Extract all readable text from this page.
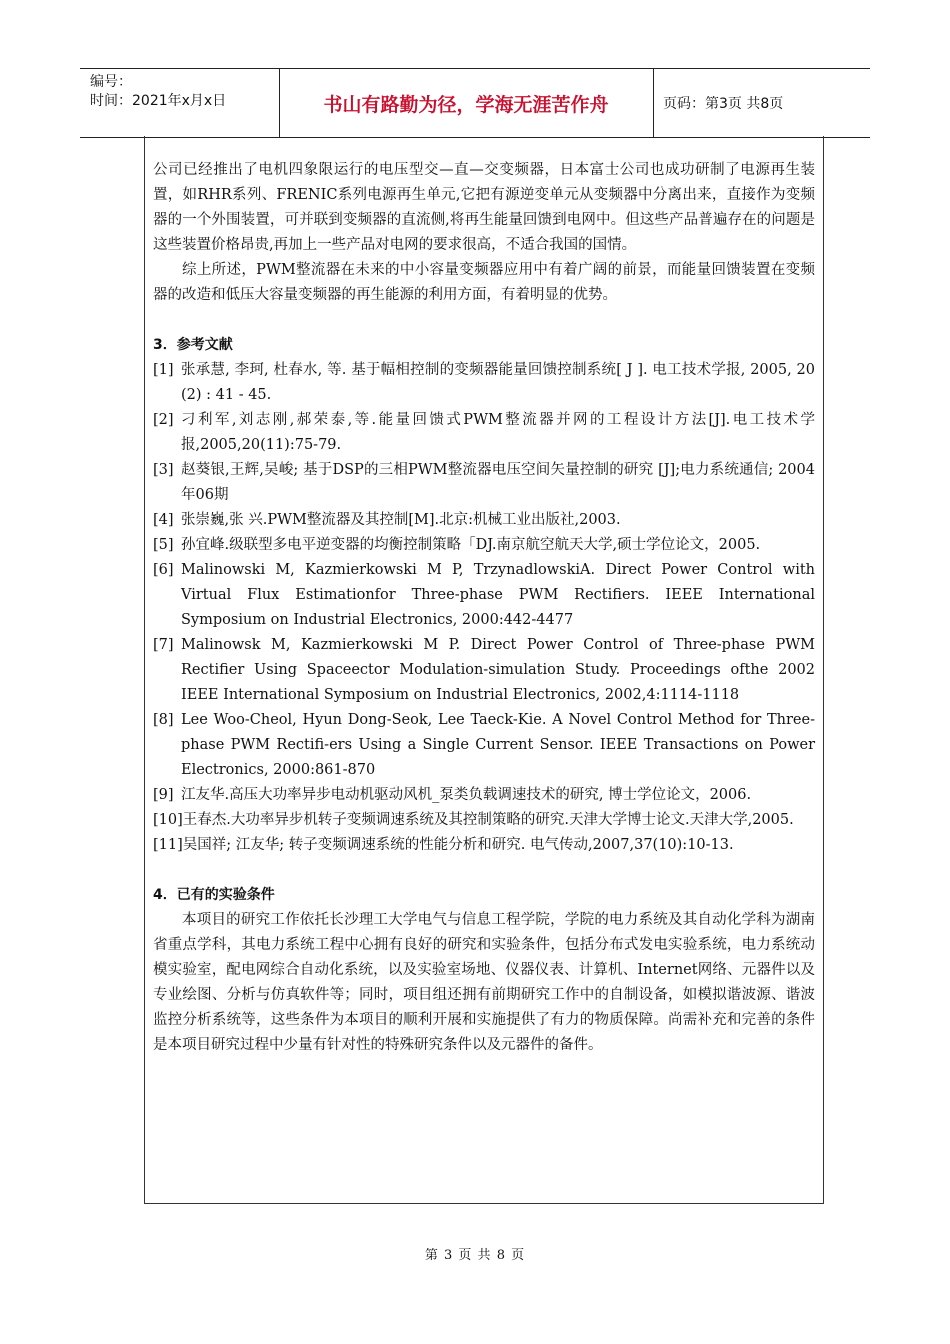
编号：
时间：2021年x月x日	书山有路勤为径，学海无涯苦作舟	页码：第3页 共8页

公司已经推出了电机四象限运行的电压型交—直—交变频器，日本富士公司也成功研制了电源再生装置，如RHR系列、FRENIC系列电源再生单元,它把有源逆变单元从变频器中分离出来，直接作为变频器的一个外围装置，可并联到变频器的直流侧,将再生能量回馈到电网中。但这些产品普遍存在的问题是这些装置价格昂贵,再加上一些产品对电网的要求很高，不适合我国的国情。

综上所述，PWM整流器在未来的中小容量变频器应用中有着广阔的前景，而能量回馈装置在变频器的改造和低压大容量变频器的再生能源的利用方面，有着明显的优势。

3．参考文献

[1] 张承慧, 李珂, 杜春水, 等. 基于幅相控制的变频器能量回馈控制系统[ J ]. 电工技术学报, 2005, 20 (2) : 41 - 45.
[2] 刁利军,刘志刚,郝荣泰,等.能量回馈式PWM整流器并网的工程设计方法[J].电工技术学报,2005,20(11):75-79.
[3] 赵葵银,王辉,吴峻; 基于DSP的三相PWM整流器电压空间矢量控制的研究 [J];电力系统通信; 2004年06期
[4] 张崇巍,张 兴.PWM整流器及其控制[M].北京:机械工业出版社,2003.
[5] 孙宜峰.级联型多电平逆变器的均衡控制策略「DJ.南京航空航天大学,硕士学位论文，2005.
[6] Malinowski M, Kazmierkowski M P, TrzynadlowskiA. Direct Power Control with Virtual Flux Estimationfor Three-phase PWM Rectifiers. IEEE International Symposium on Industrial Electronics, 2000:442-4477
[7] Malinowsk M, Kazmierkowski M P. Direct Power Control of Three-phase PWM Rectifier Using Spaceector Modulation-simulation Study. Proceedings ofthe 2002 IEEE International Symposium on Industrial Electronics, 2002,4:1114-1118
[8] Lee Woo-Cheol, Hyun Dong-Seok, Lee Taeck-Kie. A Novel Control Method for Three-phase PWM Rectifi-ers Using a Single Current Sensor. IEEE Transactions on Power Electronics, 2000:861-870
[9] 江友华.高压大功率异步电动机驱动风机_泵类负载调速技术的研究, 博士学位论文，2006.
[10] 王春杰.大功率异步机转子变频调速系统及其控制策略的研究.天津大学博士论文.天津大学,2005.
[11] 吴国祥; 江友华; 转子变频调速系统的性能分析和研究. 电气传动,2007,37(10):10-13.

4．已有的实验条件

本项目的研究工作依托长沙理工大学电气与信息工程学院，学院的电力系统及其自动化学科为湖南省重点学科，其电力系统工程中心拥有良好的研究和实验条件，包括分布式发电实验系统，电力系统动模实验室，配电网综合自动化系统，以及实验室场地、仪器仪表、计算机、Internet网络、元器件以及专业绘图、分析与仿真软件等；同时，项目组还拥有前期研究工作中的自制设备，如模拟谐波源、谐波监控分析系统等，这些条件为本项目的顺利开展和实施提供了有力的物质保障。尚需补充和完善的条件是本项目研究过程中少量有针对性的特殊研究条件以及元器件的备件。

第 3 页 共 8 页
